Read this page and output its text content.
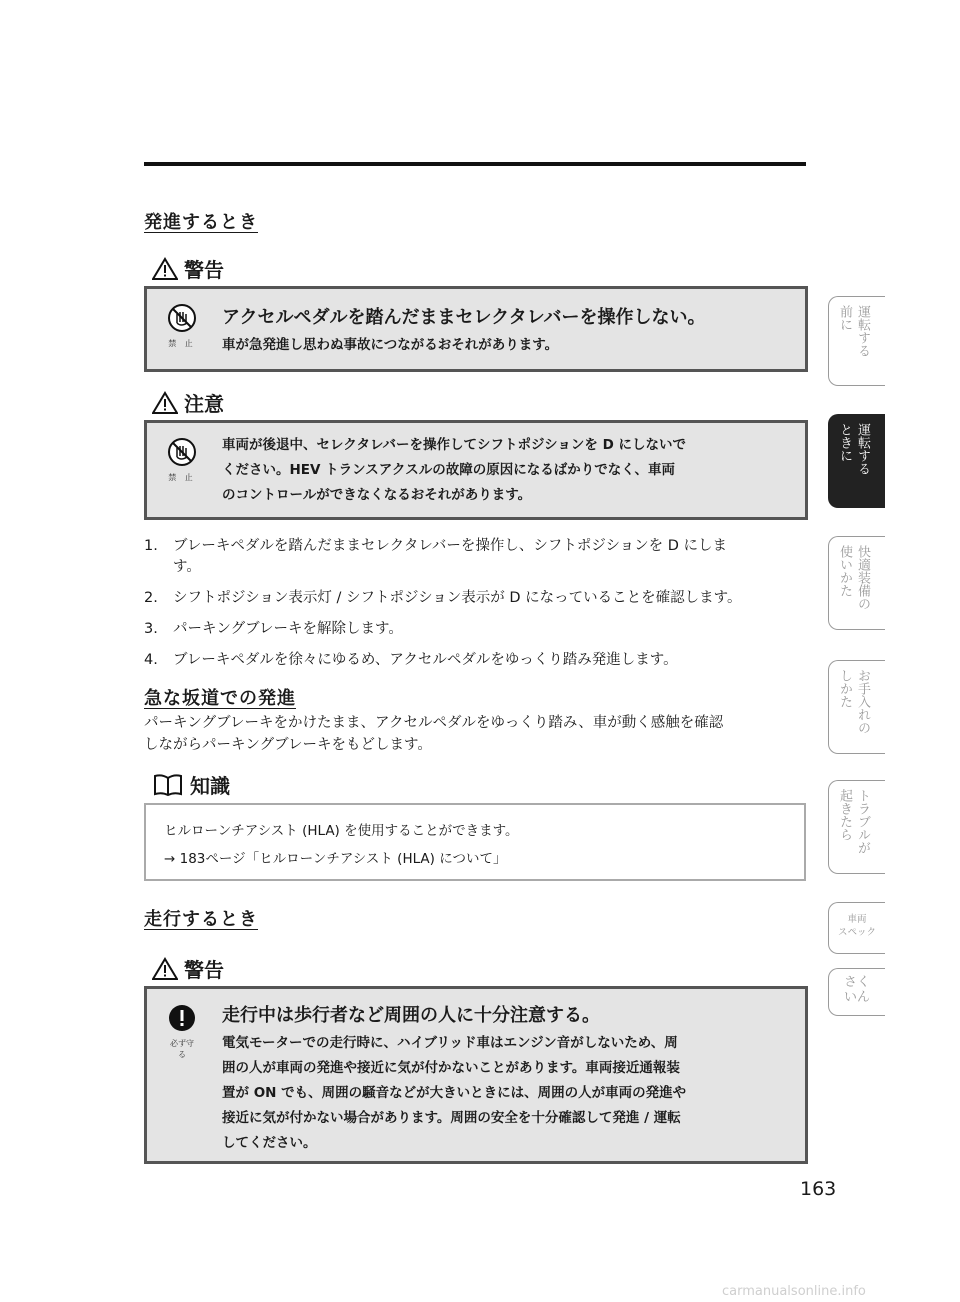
発進するとき
警告
禁 止
アクセルペダルを踏んだままセレクタレバーを操作しない。
車が急発進し思わぬ事故につながるおそれがあります。
注意
禁 止
車両が後退中、セレクタレバーを操作してシフトポジションを D にしないで
ください。HEV トランスアクスルの故障の原因になるばかりでなく、車両
のコントロールができなくなるおそれがあります。
1. ブレーキペダルを踏んだままセレクタレバーを操作し、シフトポジションを D にしま
す。
2. シフトポジション表示灯 / シフトポジション表示が D になっていることを確認します。
3. パーキングブレーキを解除します。
4. ブレーキペダルを徐々にゆるめ、アクセルペダルをゆっくり踏み発進します。
急な坂道での発進
パーキングブレーキをかけたまま、アクセルペダルをゆっくり踏み、車が動く感触を確認
しながらパーキングブレーキをもどします。
知識
ヒルローンチアシスト (HLA) を使用することができます。
→ 183ページ「ヒルローンチアシスト (HLA) について」
走行するとき
警告
必ず守る
走行中は歩行者など周囲の人に十分注意する。
電気モーターでの走行時に、ハイブリッド車はエンジン音がしないため、周
囲の人が車両の発進や接近に気が付かないことがあります。車両接近通報装
置が ON でも、周囲の騒音などが大きいときには、周囲の人が車両の発進や
接近に気が付かない場合があります。周囲の安全を十分確認して発進 / 運転
してください。
運転する
前に
運転する
ときに
快適装備の
使いかた
お手入れの
しかた
トラブルが
起きたら
車両
スペック
さく
いん
163
carmanualsonline.info
